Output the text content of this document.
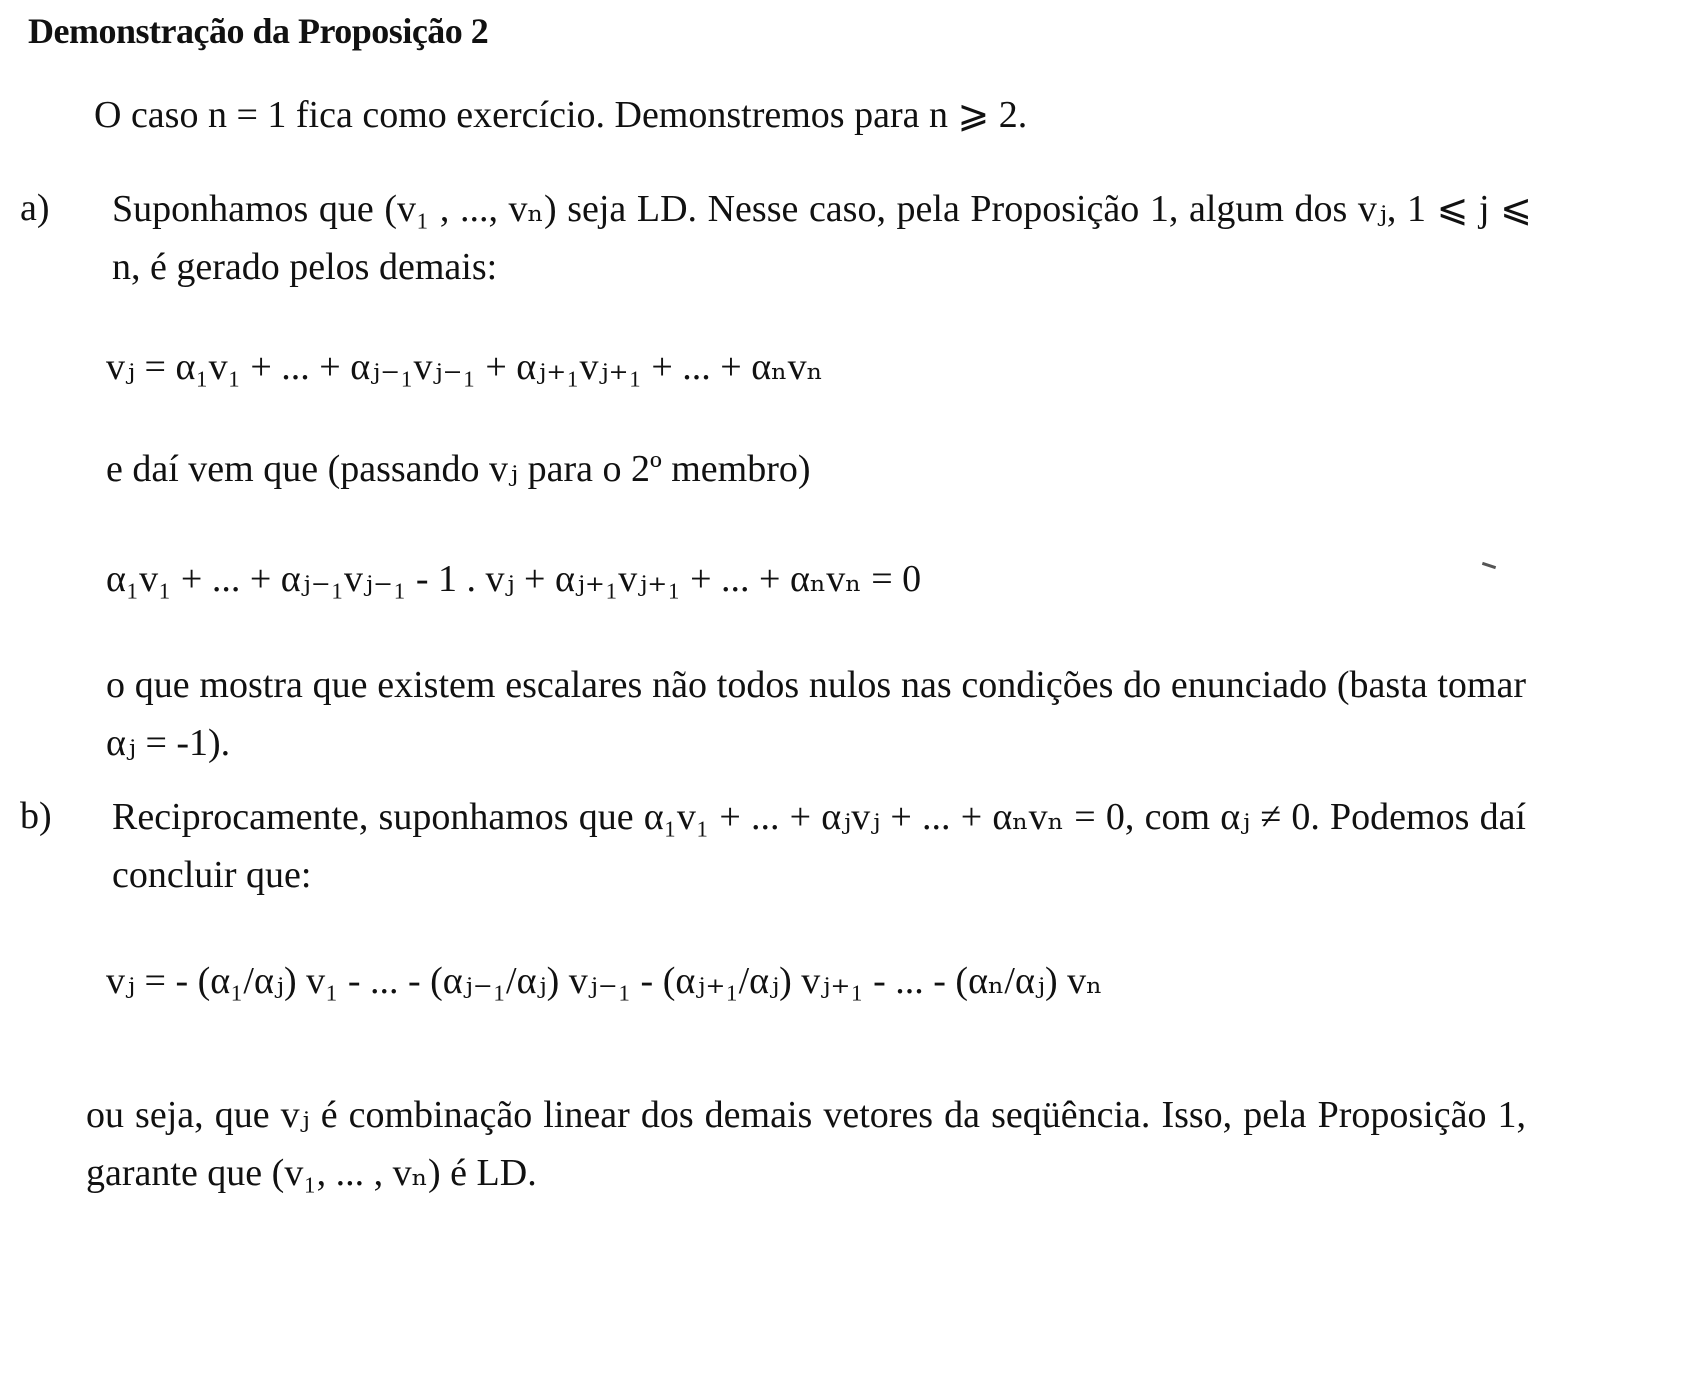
Demonstração da Proposição 2
O caso n = 1 fica como exercício. Demonstremos para n ⩾ 2.
a) Suponhamos que (v₁ , ..., vₙ) seja LD. Nesse caso, pela Proposição 1, algum dos vⱼ, 1 ⩽ j ⩽ n, é gerado pelos demais:
vⱼ = α₁v₁ + ... + αⱼ₋₁vⱼ₋₁ + αⱼ₊₁vⱼ₊₁ + ... + αₙvₙ
e daí vem que (passando vⱼ para o 2º membro)
α₁v₁ + ... + αⱼ₋₁vⱼ₋₁ - 1 . vⱼ + αⱼ₊₁vⱼ₊₁ + ... + αₙvₙ = 0
o que mostra que existem escalares não todos nulos nas condições do enunciado (basta tomar αⱼ = -1).
b) Reciprocamente, suponhamos que α₁v₁ + ... + αⱼvⱼ + ... + αₙvₙ = 0, com αⱼ ≠ 0. Podemos daí concluir que:
vⱼ = - (α₁/αⱼ) v₁ - ... - (αⱼ₋₁/αⱼ) vⱼ₋₁ - (αⱼ₊₁/αⱼ) vⱼ₊₁ - ... - (αₙ/αⱼ) vₙ
ou seja, que vⱼ é combinação linear dos demais vetores da seqüência. Isso, pela Proposição 1, garante que (v₁, ... , vₙ) é LD.
